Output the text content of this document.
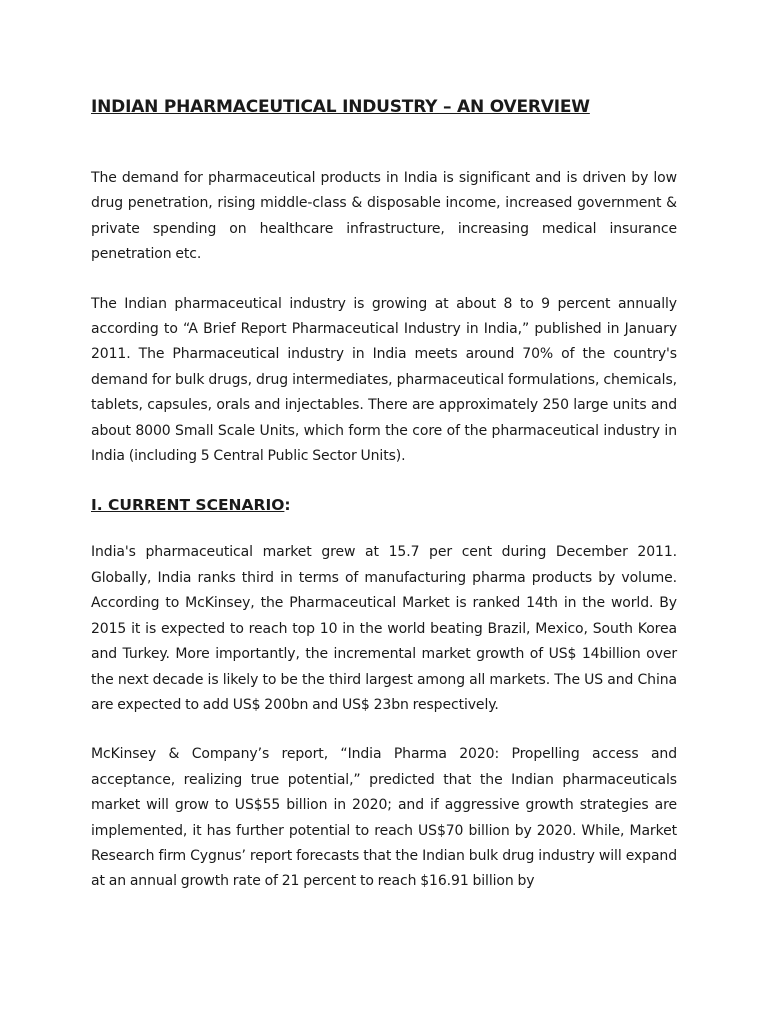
INDIAN PHARMACEUTICAL INDUSTRY – AN OVERVIEW

The demand for pharmaceutical products in India is significant and is driven by low drug penetration, rising middle-class & disposable income, increased government & private spending on healthcare infrastructure, increasing medical insurance penetration etc.

The Indian pharmaceutical industry is growing at about 8 to 9 percent annually according to “A Brief Report Pharmaceutical Industry in India,” published in January 2011. The Pharmaceutical industry in India meets around 70% of the country's demand for bulk drugs, drug intermediates, pharmaceutical formulations, chemicals, tablets, capsules, orals and injectables. There are approximately 250 large units and about 8000 Small Scale Units, which form the core of the pharmaceutical industry in India (including 5 Central Public Sector Units).

I. CURRENT SCENARIO:

India's pharmaceutical market grew at 15.7 per cent during December 2011. Globally, India ranks third in terms of manufacturing pharma products by volume. According to McKinsey, the Pharmaceutical Market is ranked 14th in the world. By 2015 it is expected to reach top 10 in the world beating Brazil, Mexico, South Korea and Turkey. More importantly, the incremental market growth of US$ 14billion over the next decade is likely to be the third largest among all markets. The US and China are expected to add US$ 200bn and US$ 23bn respectively.

McKinsey & Company’s report, “India Pharma 2020: Propelling access and acceptance, realizing true potential,” predicted that the Indian pharmaceuticals market will grow to US$55 billion in 2020; and if aggressive growth strategies are implemented, it has further potential to reach US$70 billion by 2020. While, Market Research firm Cygnus’ report forecasts that the Indian bulk drug industry will expand at an annual growth rate of 21 percent to reach $16.91 billion by
